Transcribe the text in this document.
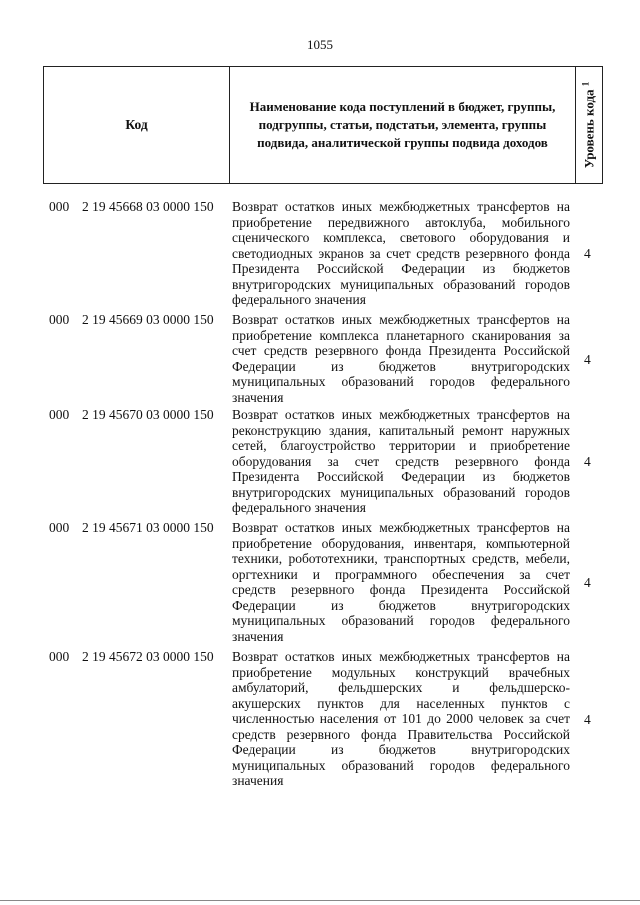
1055
Код
Наименование кода поступлений в бюджет, группы, подгруппы, статьи, подстатьи, элемента, группы подвида, аналитической группы подвида доходов	Уровень кода $^1$
000 2 19 45668 03 0000 150 Возврат остатков иных межбюджетных трансфертов на
приобретение передвижного автоклуба, мобильного
сценического комплекса, светового оборудования и
светодиодных экранов за счет средств резервного фонда
Президента Российской Федерации из бюджетов
внутригородских муниципальных образований городов
федерального значения
4
000 2 19 45669 03 0000 150 Возврат остатков иных межбюджетных трансфертов на
приобретение комплекса планетарного сканирования за
счет средств резервного фонда Президента Российской
Федерации из бюджетов внутригородских
муниципальных образований городов федерального
значения
4
000 2 19 45670 03 0000 150 Возврат остатков иных межбюджетных трансфертов на
реконструкцию здания, капитальный ремонт наружных
сетей, благоустройство территории и приобретение
оборудования за счет средств резервного фонда
Президента Российской Федерации из бюджетов
внутригородских муниципальных образований городов
федерального значения
4
000 2 19 45671 03 0000 150 Возврат остатков иных межбюджетных трансфертов на
приобретение оборудования, инвентаря, компьютерной
техники, робототехники, транспортных средств, мебели,
оргтехники и программного обеспечения за счет
средств резервного фонда Президента Российской
Федерации из бюджетов внутригородских
муниципальных образований городов федерального
значения
4
000 2 19 45672 03 0000 150 Возврат остатков иных межбюджетных трансфертов на
приобретение модульных конструкций врачебных
амбулаторий, фельдшерских и фельдшерско-
акушерских пунктов для населенных пунктов с
численностью населения от 101 до 2000 человек за счет
средств резервного фонда Правительства Российской
Федерации из бюджетов внутригородских
муниципальных образований городов федерального
значения
4
